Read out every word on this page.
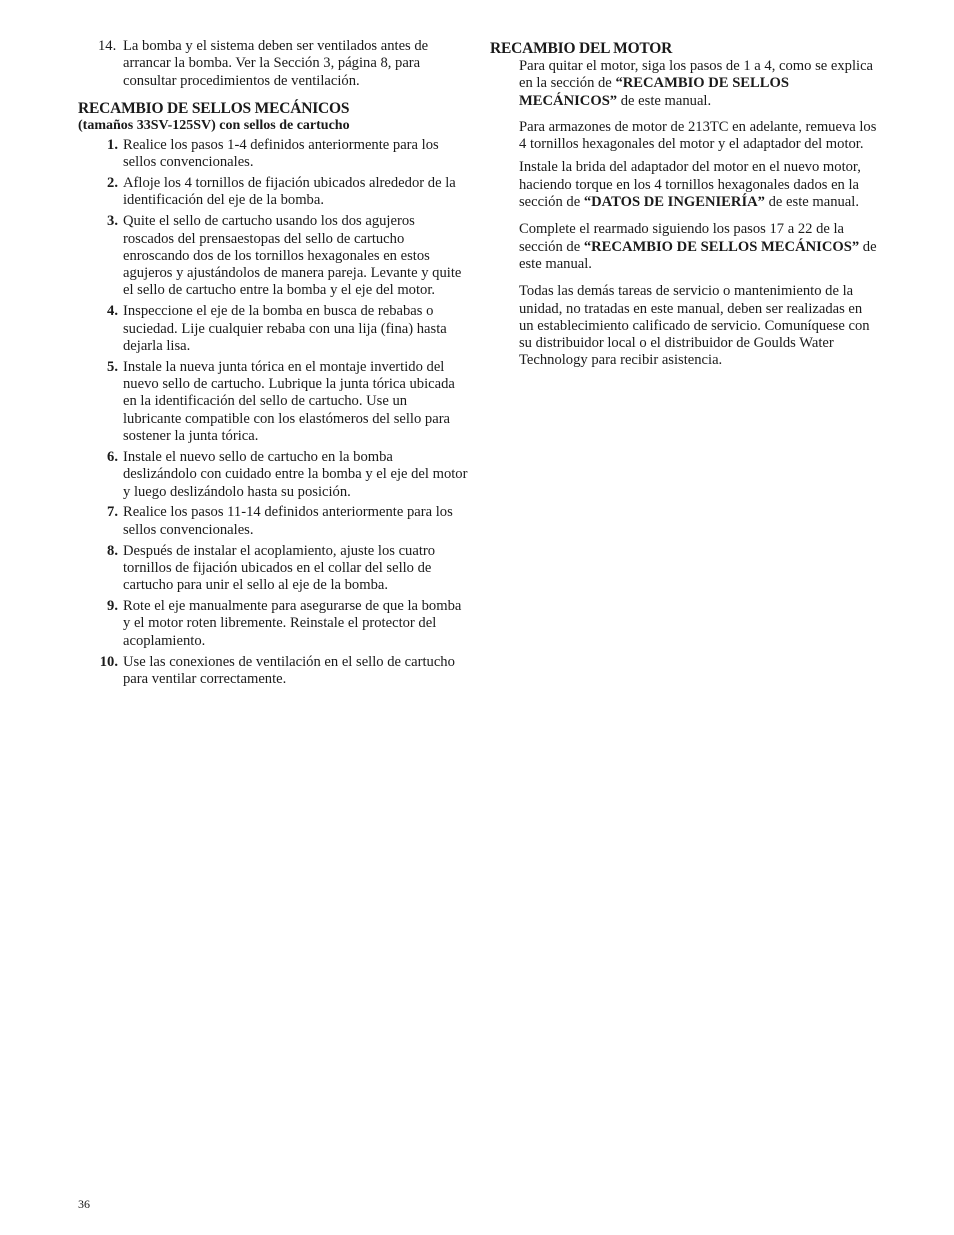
14. La bomba y el sistema deben ser ventilados antes de arrancar la bomba. Ver la Sección 3, página 8, para consultar procedimientos de ventilación.

RECAMBIO DE SELLOS MECÁNICOS
(tamaños 33SV-125SV) con sellos de cartucho
1. Realice los pasos 1-4 definidos anteriormente para los sellos convencionales.
2. Afloje los 4 tornillos de fijación ubicados alrededor de la identificación del eje de la bomba.
3. Quite el sello de cartucho usando los dos agujeros roscados del prensaestopas del sello de cartucho enroscando dos de los tornillos hexagonales en estos agujeros y ajustándolos de manera pareja. Levante y quite el sello de cartucho entre la bomba y el eje del motor.
4. Inspeccione el eje de la bomba en busca de rebabas o suciedad. Lije cualquier rebaba con una lija (fina) hasta dejarla lisa.
5. Instale la nueva junta tórica en el montaje invertido del nuevo sello de cartucho. Lubrique la junta tórica ubicada en la identificación del sello de cartucho. Use un lubricante compatible con los elastómeros del sello para sostener la junta tórica.
6. Instale el nuevo sello de cartucho en la bomba deslizándolo con cuidado entre la bomba y el eje del motor y luego deslizándolo hasta su posición.
7. Realice los pasos 11-14 definidos anteriormente para los sellos convencionales.
8. Después de instalar el acoplamiento, ajuste los cuatro tornillos de fijación ubicados en el collar del sello de cartucho para unir el sello al eje de la bomba.
9. Rote el eje manualmente para asegurarse de que la bomba y el motor roten libremente. Reinstale el protector del acoplamiento.
10. Use las conexiones de ventilación en el sello de cartucho para ventilar correctamente.
RECAMBIO DEL MOTOR

Para quitar el motor, siga los pasos de 1 a 4, como se explica en la sección de “RECAMBIO DE SELLOS MECÁNICOS” de este manual.

Para armazones de motor de 213TC en adelante, remueva los 4 tornillos hexagonales del motor y el adaptador del motor.

Instale la brida del adaptador del motor en el nuevo motor, haciendo torque en los 4 tornillos hexagonales dados en la sección de “DATOS DE INGENIERÍA” de este manual.

Complete el rearmado siguiendo los pasos 17 a 22 de la sección de “RECAMBIO DE SELLOS MECÁNICOS” de este manual.

Todas las demás tareas de servicio o mantenimiento de la unidad, no tratadas en este manual, deben ser realizadas en un establecimiento calificado de servicio. Comuníquese con su distribuidor local o el distribuidor de Goulds Water Technology para recibir asistencia.

36
